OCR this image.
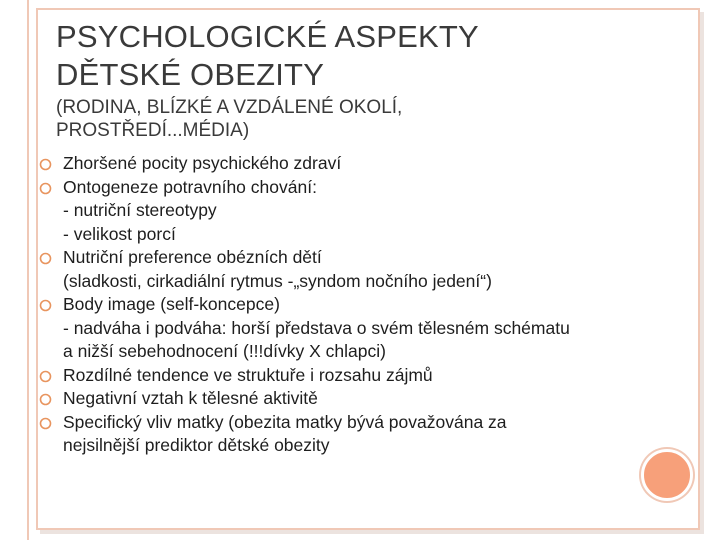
PSYCHOLOGICKÉ ASPEKTY
DĚTSKÉ OBEZITY

(RODINA, BLÍZKÉ A VZDÁLENÉ OKOLÍ,
PROSTŘEDÍ...MÉDIA)

Zhoršené pocity psychického zdraví
Ontogeneze potravního chování:
- nutriční stereotypy
- velikost porcí
Nutriční preference obézních dětí
(sladkosti, cirkadiální rytmus -„syndom nočního jedení“)
Body image (self-koncepce)
- nadváha i podváha: horší představa o svém tělesném schématu
a nižší sebehodnocení (!!!dívky X chlapci)
Rozdílné tendence ve struktuře i rozsahu zájmů
Negativní vztah k tělesné aktivitě
Specifický vliv matky (obezita matky bývá považována za
nejsilnější prediktor dětské obezity
